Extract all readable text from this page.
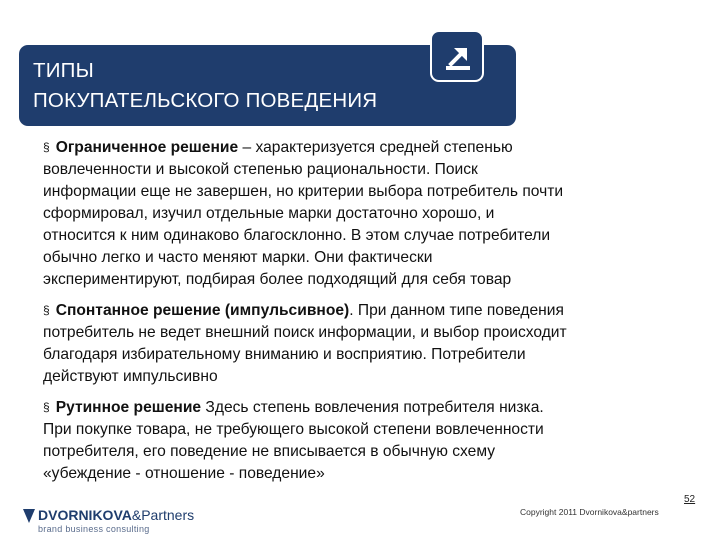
ТИПЫ
ПОКУПАТЕЛЬСКОГО ПОВЕДЕНИЯ
§ Ограниченное решение – характеризуется средней степенью
вовлеченности и высокой степенью рациональности. Поиск
информации еще не завершен, но критерии выбора потребитель почти
сформировал, изучил отдельные марки достаточно хорошо, и
относится к ним одинаково благосклонно. В этом случае потребители
обычно легко и часто меняют марки. Они фактически
экспериментируют, подбирая более подходящий для себя товар
§ Спонтанное решение (импульсивное). При данном типе поведения
потребитель не ведет внешний поиск информации, и выбор происходит
благодаря избирательному вниманию и восприятию. Потребители
действуют импульсивно
§ Рутинное решение Здесь степень вовлечения потребителя низка.
При покупке товара, не требующего высокой степени вовлеченности
потребителя, его поведение не вписывается в обычную схему
«убеждение - отношение - поведение»
DVORNIKOVA&Partners
brand business consulting
Copyright 2011 Dvornikova&partners
52
